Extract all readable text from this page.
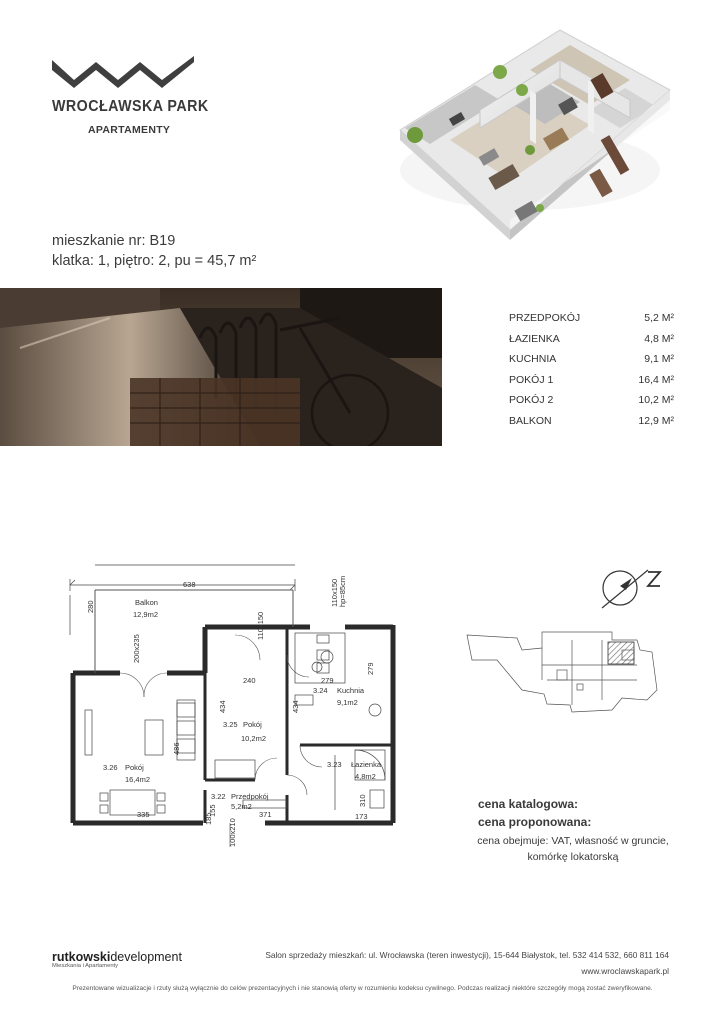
WROCŁAWSKA PARK
APARTAMENTY
mieszkanie nr: B19
klatka: 1, piętro: 2, pu = 45,7 m²
PRZEDPOKÓJ	5,2 M²
ŁAZIENKA	4,8 M²
KUCHNIA	9,1 M²
POKÓJ 1	16,4 M²
POKÓJ 2	10,2 M²
BALKON	12,9 M²
638
Balkon
12,9m2
280
200x235
110x150
110x150 hp=85cm
279
240	279
434	434
3.25 Pokój
10,2m2
3.24 Kuchnia
9,1m2
3.26 Pokój
16,4m2
3.23 Łazienka
4,8m2
3.22 Przedpokój
5,2m2
486
155	371
335
310
173
100x210
185
cena katalogowa:
cena proponowana:
cena obejmuje: VAT, własność w gruncie,
komórkę lokatorską
rutkowskidevelopment
Mieszkania i Apartamenty
Salon sprzedaży mieszkań: ul. Wrocławska (teren inwestycji), 15-644 Białystok, tel. 532 414 532, 660 811 164
www.wroclawskapark.pl
Prezentowane wizualizacje i rzuty służą wyłącznie do celów prezentacyjnych i nie stanowią oferty w rozumieniu kodeksu cywilnego. Podczas realizacji niektóre szczegóły mogą zostać zweryfikowane.
